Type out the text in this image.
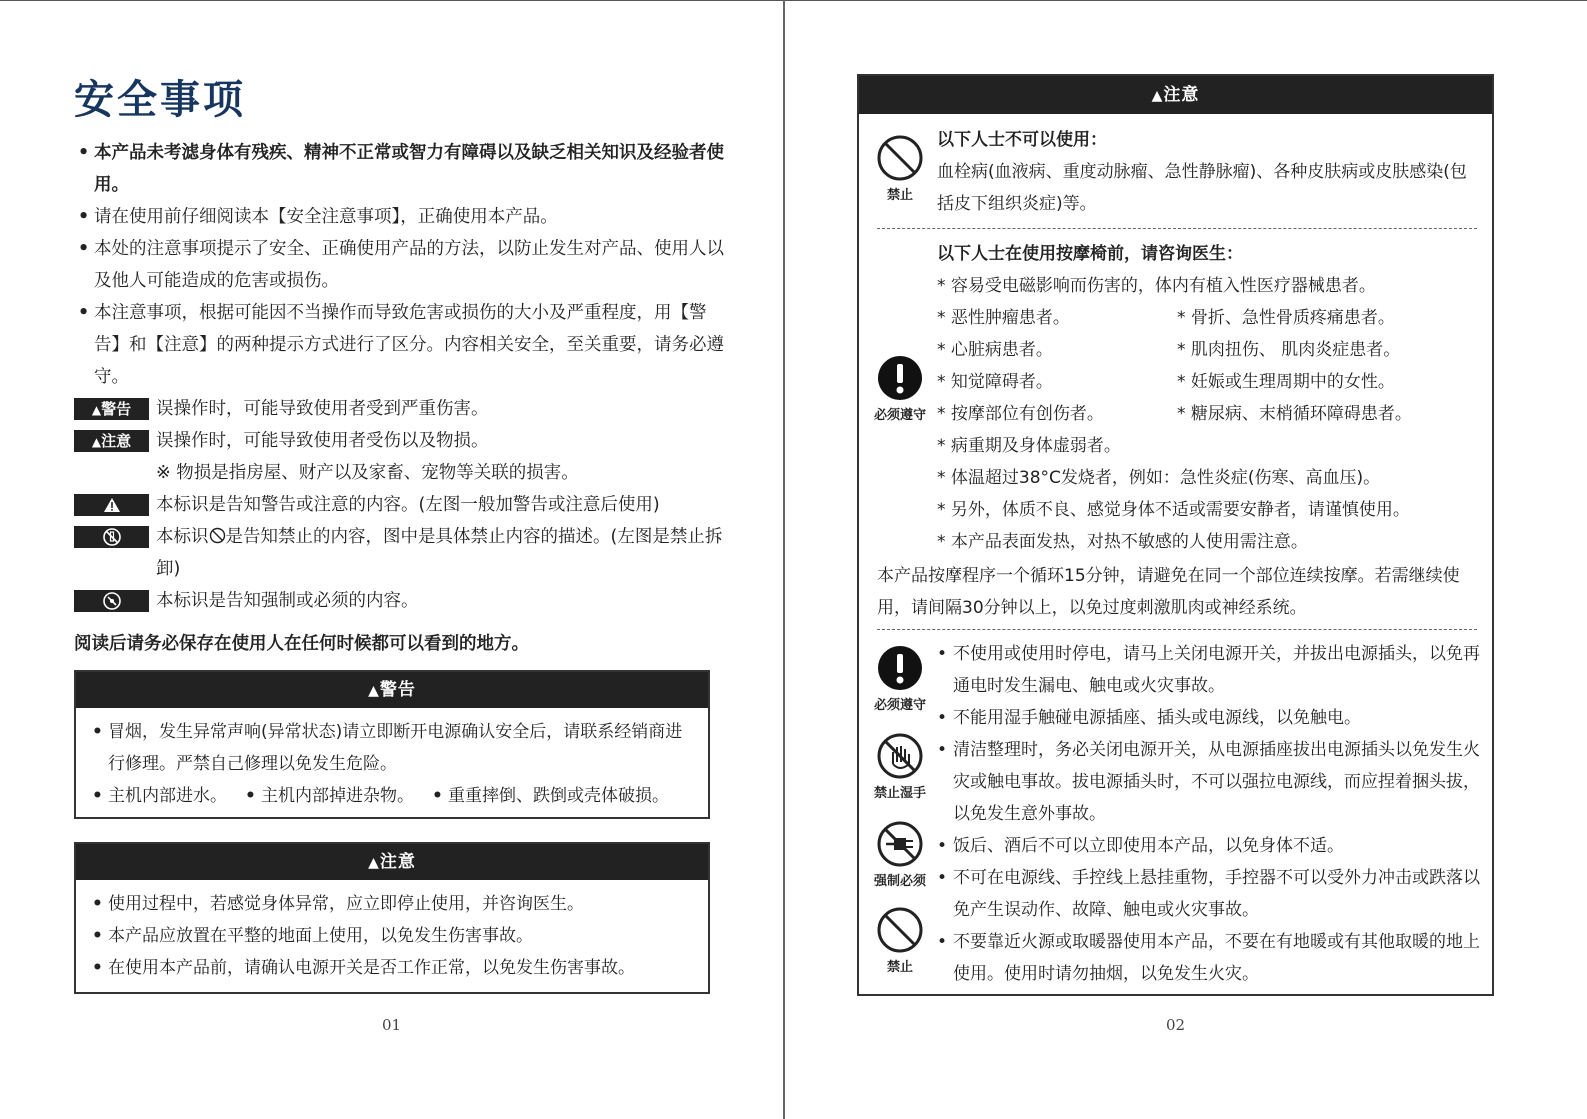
安全事项
• 本产品未考滤身体有残疾、精神不正常或智力有障碍以及缺乏相关知识及经验者使用。
• 请在使用前仔细阅读本【安全注意事项】，正确使用本产品。
• 本处的注意事项提示了安全、正确使用产品的方法，以防止发生对产品、使用人以及他人可能造成的危害或损伤。
• 本注意事项，根据可能因不当操作而导致危害或损伤的大小及严重程度，用【警告】和【注意】的两种提示方式进行了区分。内容相关安全，至关重要，请务必遵守。
▲警告	误操作时，可能导致使用者受到严重伤害。
▲注意	误操作时，可能导致使用者受伤以及物损。
※ 物损是指房屋、财产以及家畜、宠物等关联的损害。
本标识是告知警告或注意的内容。(左图一般加警告或注意后使用)
本标识 是告知禁止的内容，图中是具体禁止内容的描述。(左图是禁止拆卸)
本标识是告知强制或必须的内容。
阅读后请务必保存在使用人在任何时候都可以看到的地方。
▲警告
• 冒烟，发生异常声响(异常状态)请立即断开电源确认安全后，请联系经销商进行修理。严禁自己修理以免发生危险。
• 主机内部进水。	• 主机内部掉进杂物。	• 重重摔倒、跌倒或壳体破损。
▲注意
• 使用过程中，若感觉身体异常，应立即停止使用，并咨询医生。
• 本产品应放置在平整的地面上使用，以免发生伤害事故。
• 在使用本产品前，请确认电源开关是否工作正常，以免发生伤害事故。
01
▲注意
禁止
以下人士不可以使用：
血栓病(血液病、重度动脉瘤、急性静脉瘤)、各种皮肤病或皮肤感染(包括皮下组织炎症)等。
必须遵守
以下人士在使用按摩椅前，请咨询医生：
* 容易受电磁影响而伤害的，体内有植入性医疗器械患者。
* 恶性肿瘤患者。	* 骨折、急性骨质疼痛患者。
* 心脏病患者。	* 肌肉扭伤、 肌肉炎症患者。
* 知觉障碍者。	* 妊娠或生理周期中的女性。
* 按摩部位有创伤者。	* 糖尿病、末梢循环障碍患者。
* 病重期及身体虚弱者。
* 体温超过38°C发烧者，例如：急性炎症(伤寒、高血压)。
* 另外，体质不良、感觉身体不适或需要安静者，请谨慎使用。
* 本产品表面发热，对热不敏感的人使用需注意。
本产品按摩程序一个循环15分钟，请避免在同一个部位连续按摩。若需继续使用，请间隔30分钟以上，以免过度刺激肌肉或神经系统。
必须遵守
禁止湿手
强制必须
禁止
• 不使用或使用时停电，请马上关闭电源开关，并拔出电源插头，以免再通电时发生漏电、触电或火灾事故。
• 不能用湿手触碰电源插座、插头或电源线，以免触电。
• 清洁整理时，务必关闭电源开关，从电源插座拔出电源插头以免发生火灾或触电事故。拔电源插头时，不可以强拉电源线，而应捏着捆头拔，以免发生意外事故。
• 饭后、酒后不可以立即使用本产品，以免身体不适。
• 不可在电源线、手控线上悬挂重物，手控器不可以受外力冲击或跌落以免产生误动作、故障、触电或火灾事故。
• 不要靠近火源或取暖器使用本产品，不要在有地暖或有其他取暖的地上使用。使用时请勿抽烟，以免发生火灾。
02
